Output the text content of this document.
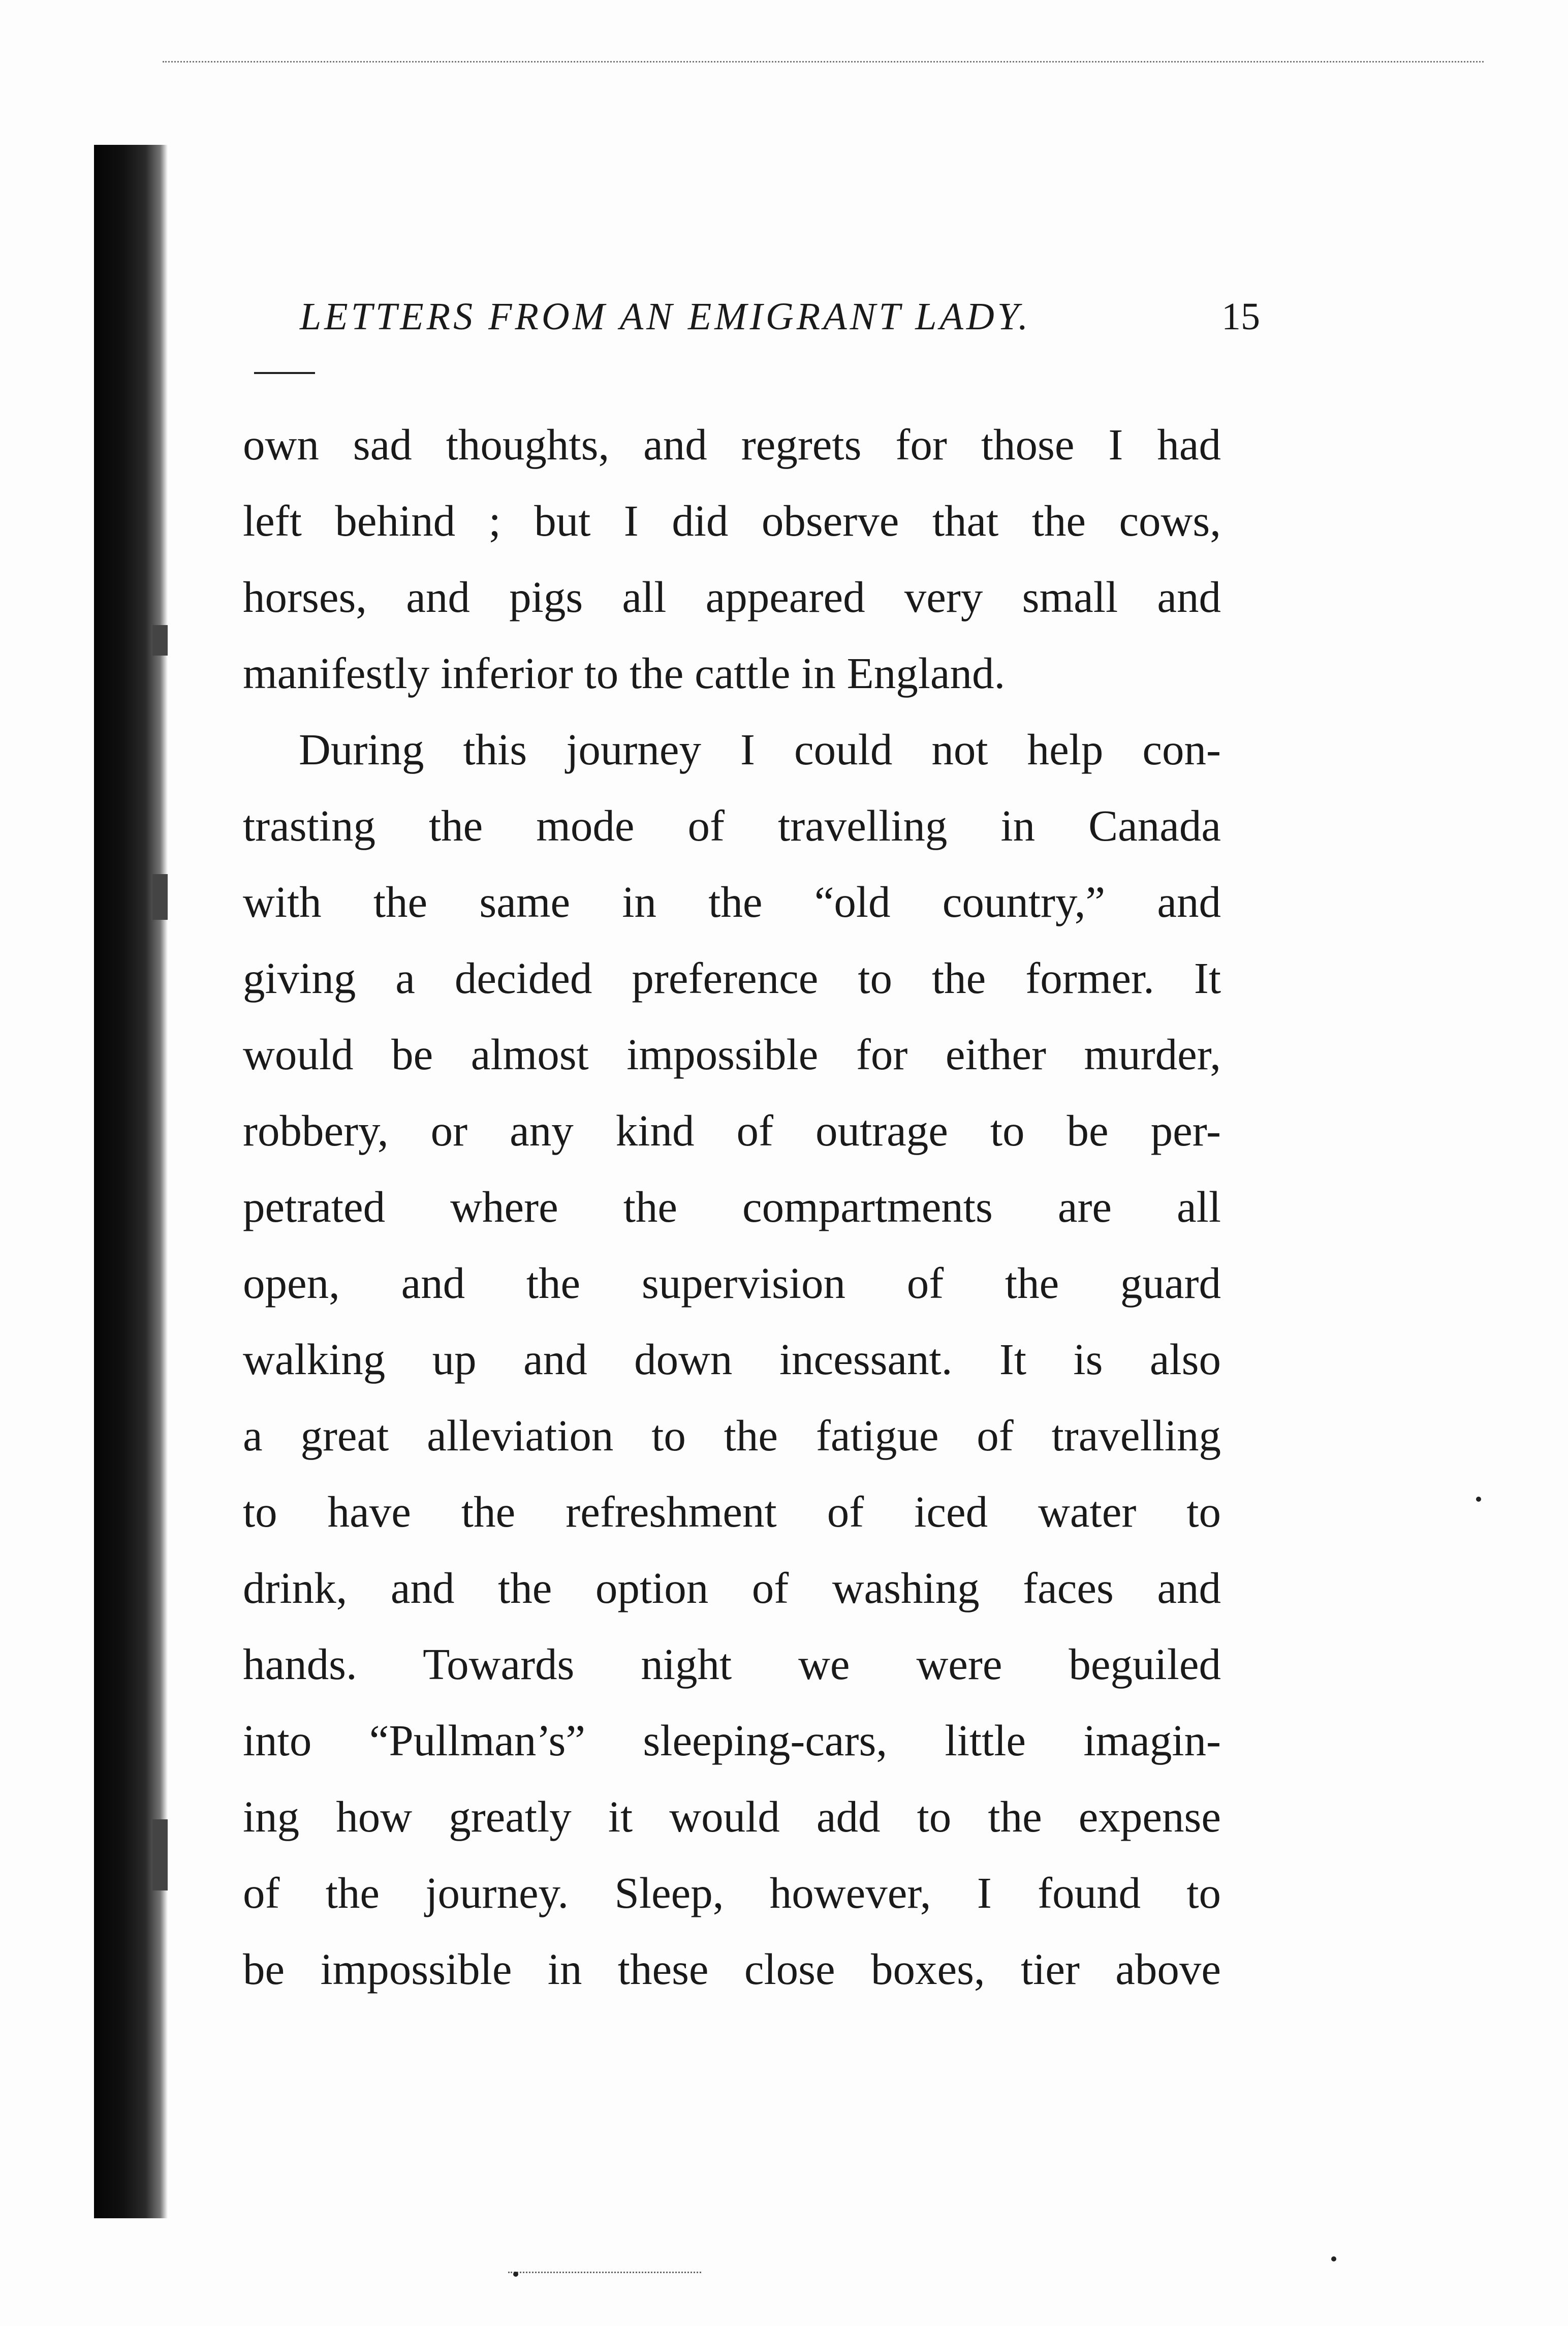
LETTERS FROM AN EMIGRANT LADY.	15
own sad thoughts, and regrets for those I had
left behind ; but I did observe that the cows,
horses, and pigs all appeared very small and
manifestly inferior to the cattle in England.
During this journey I could not help con-
trasting the mode of travelling in Canada
with the same in the “old country,” and
giving a decided preference to the former. It
would be almost impossible for either murder,
robbery, or any kind of outrage to be per-
petrated where the compartments are all
open, and the supervision of the guard
walking up and down incessant. It is also
a great alleviation to the fatigue of travelling
to have the refreshment of iced water to
drink, and the option of washing faces and
hands. Towards night we were beguiled
into “Pullman’s” sleeping-cars, little imagin-
ing how greatly it would add to the expense
of the journey. Sleep, however, I found to
be impossible in these close boxes, tier above
